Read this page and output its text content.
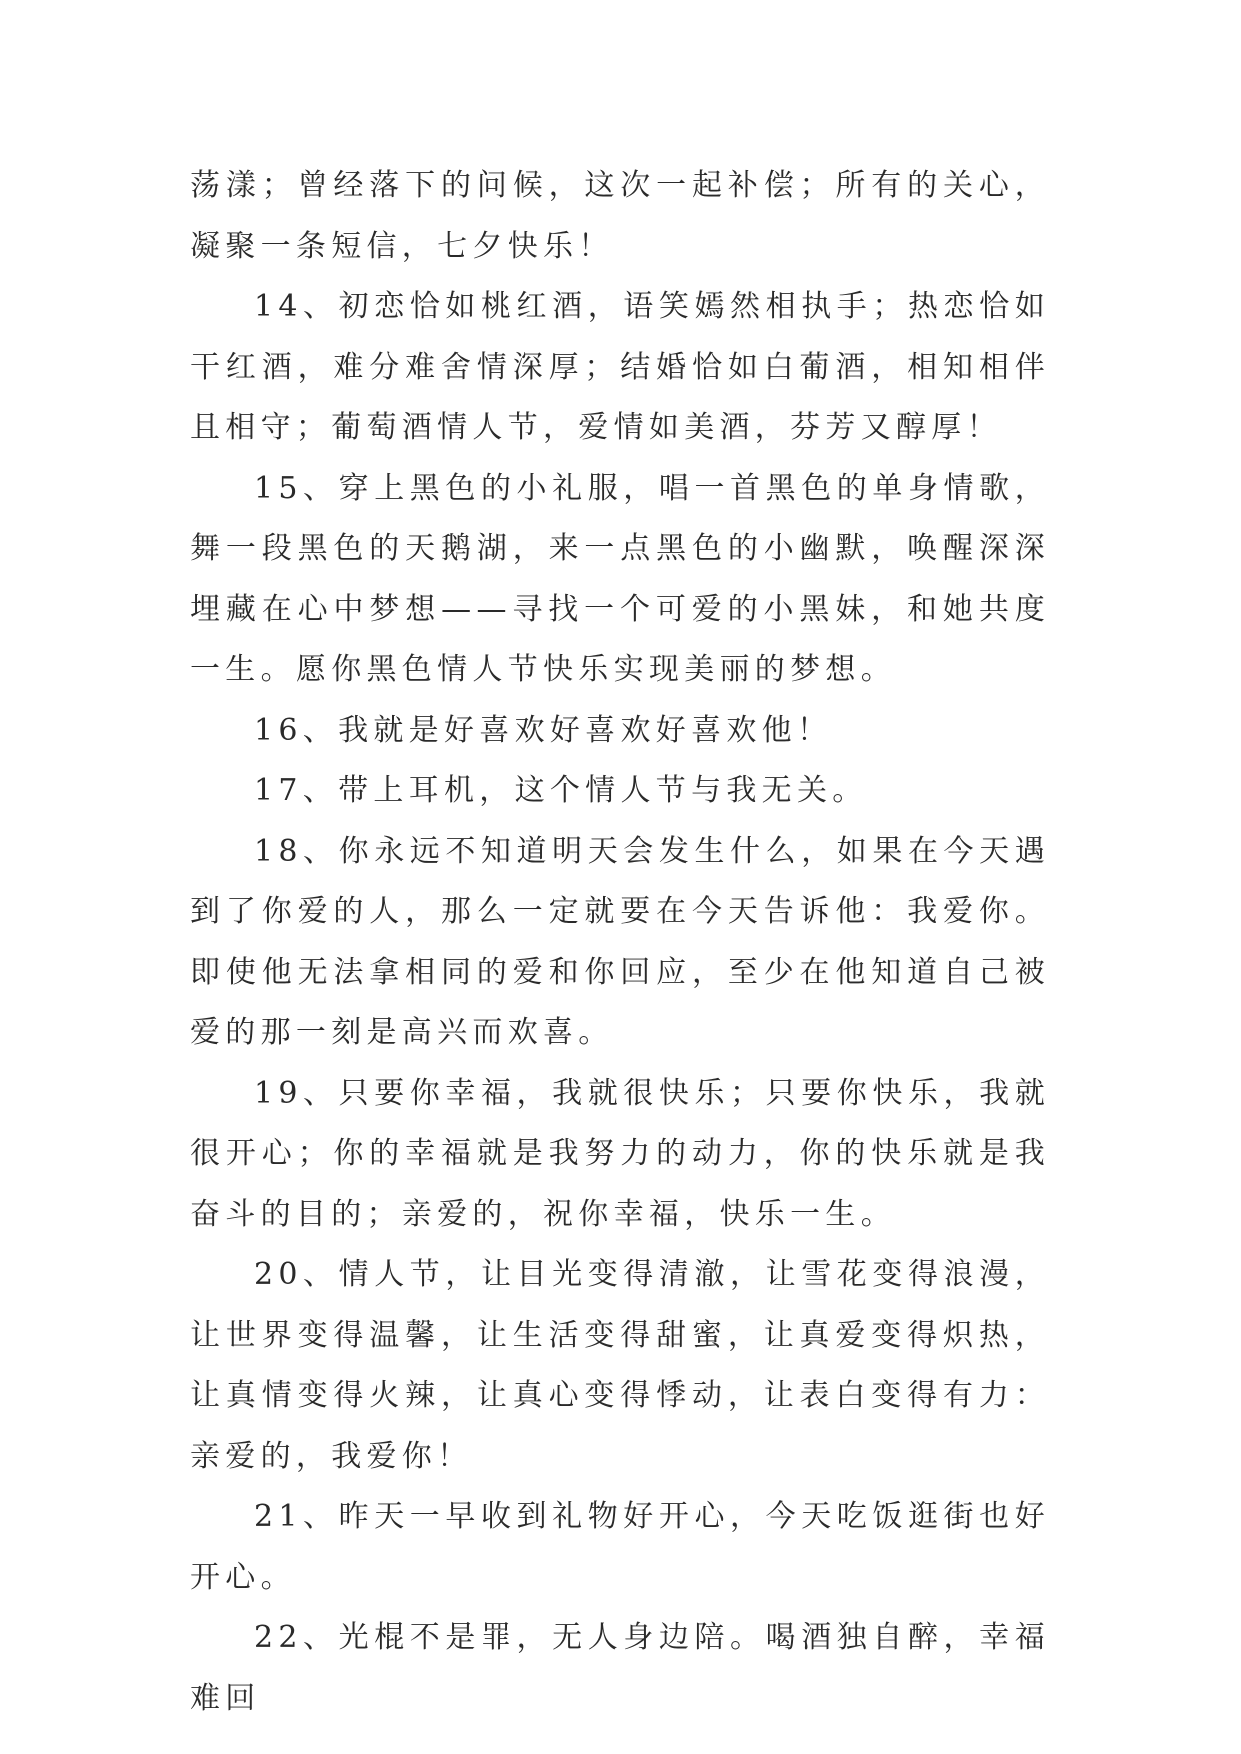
荡漾；曾经落下的问候，这次一起补偿；所有的关心，凝聚一条短信，七夕快乐！

14、初恋恰如桃红酒，语笑嫣然相执手；热恋恰如干红酒，难分难舍情深厚；结婚恰如白葡酒，相知相伴且相守；葡萄酒情人节，爱情如美酒，芬芳又醇厚！

15、穿上黑色的小礼服，唱一首黑色的单身情歌，舞一段黑色的天鹅湖，来一点黑色的小幽默，唤醒深深埋藏在心中梦想——寻找一个可爱的小黑妹，和她共度一生。愿你黑色情人节快乐实现美丽的梦想。

16、我就是好喜欢好喜欢好喜欢他！

17、带上耳机，这个情人节与我无关。

18、你永远不知道明天会发生什么，如果在今天遇到了你爱的人，那么一定就要在今天告诉他：我爱你。即使他无法拿相同的爱和你回应，至少在他知道自己被爱的那一刻是高兴而欢喜。

19、只要你幸福，我就很快乐；只要你快乐，我就很开心；你的幸福就是我努力的动力，你的快乐就是我奋斗的目的；亲爱的，祝你幸福，快乐一生。

20、情人节，让目光变得清澈，让雪花变得浪漫，让世界变得温馨，让生活变得甜蜜，让真爱变得炽热，让真情变得火辣，让真心变得悸动，让表白变得有力：亲爱的，我爱你！

21、昨天一早收到礼物好开心，今天吃饭逛街也好开心。

22、光棍不是罪，无人身边陪。喝酒独自醉，幸福难回
